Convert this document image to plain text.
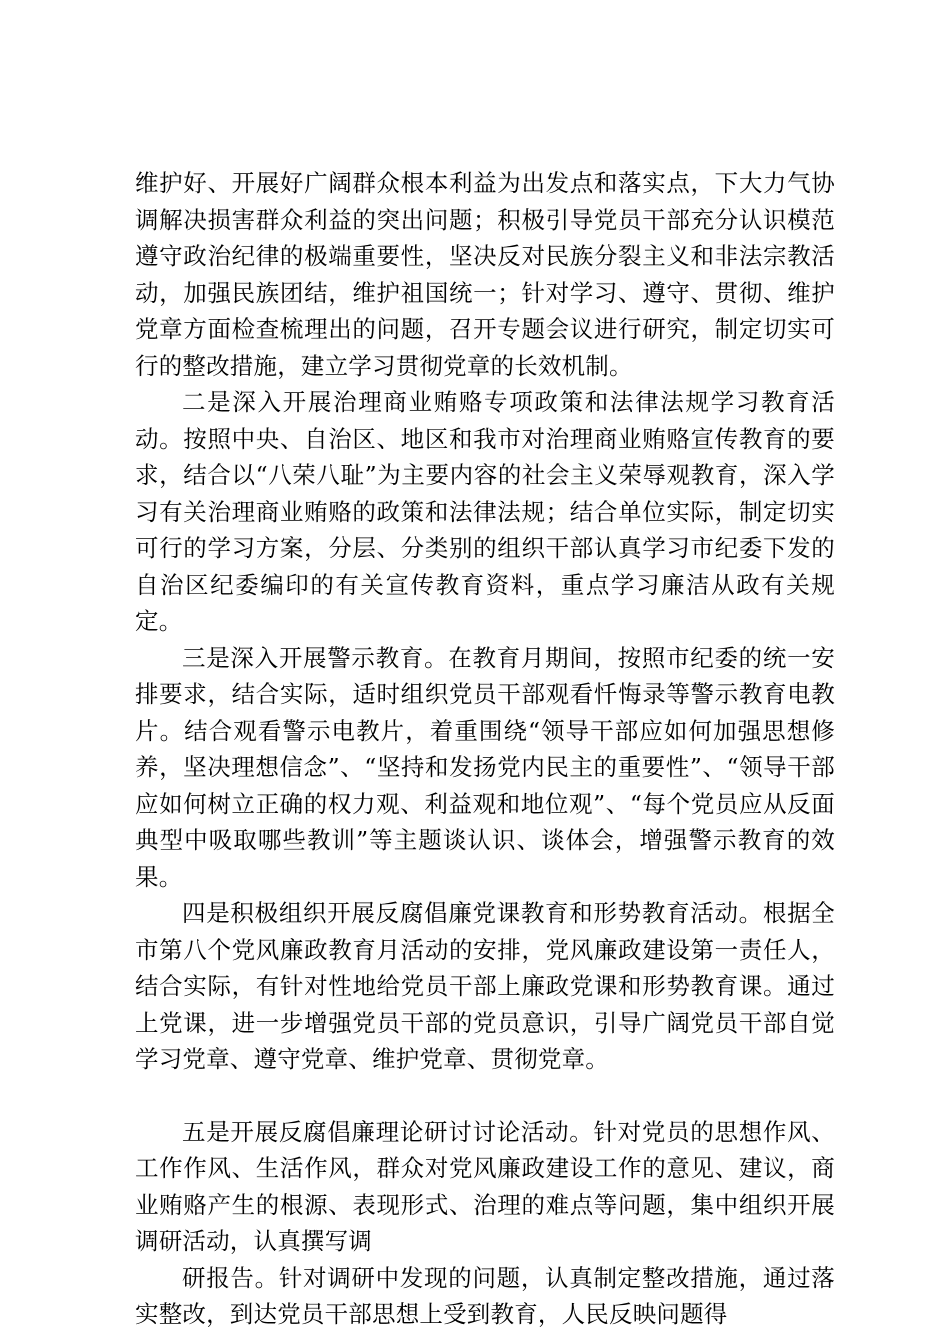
维护好、开展好广阔群众根本利益为出发点和落实点，下大力气协调解决损害群众利益的突出问题；积极引导党员干部充分认识模范遵守政治纪律的极端重要性，坚决反对民族分裂主义和非法宗教活动，加强民族团结，维护祖国统一；针对学习、遵守、贯彻、维护党章方面检查梳理出的问题，召开专题会议进行研究，制定切实可行的整改措施，建立学习贯彻党章的长效机制。

二是深入开展治理商业贿赂专项政策和法律法规学习教育活动。按照中央、自治区、地区和我市对治理商业贿赂宣传教育的要求，结合以“八荣八耻”为主要内容的社会主义荣辱观教育，深入学习有关治理商业贿赂的政策和法律法规；结合单位实际，制定切实可行的学习方案，分层、分类别的组织干部认真学习市纪委下发的自治区纪委编印的有关宣传教育资料，重点学习廉洁从政有关规定。

三是深入开展警示教育。在教育月期间，按照市纪委的统一安排要求，结合实际，适时组织党员干部观看忏悔录等警示教育电教片。结合观看警示电教片，着重围绕“领导干部应如何加强思想修养，坚决理想信念”、“坚持和发扬党内民主的重要性”、“领导干部应如何树立正确的权力观、利益观和地位观”、“每个党员应从反面典型中吸取哪些教训”等主题谈认识、谈体会，增强警示教育的效果。

四是积极组织开展反腐倡廉党课教育和形势教育活动。根据全市第八个党风廉政教育月活动的安排，党风廉政建设第一责任人，结合实际，有针对性地给党员干部上廉政党课和形势教育课。通过上党课，进一步增强党员干部的党员意识，引导广阔党员干部自觉学习党章、遵守党章、维护党章、贯彻党章。

五是开展反腐倡廉理论研讨讨论活动。针对党员的思想作风、工作作风、生活作风，群众对党风廉政建设工作的意见、建议，商业贿赂产生的根源、表现形式、治理的难点等问题，集中组织开展调研活动，认真撰写调

研报告。针对调研中发现的问题，认真制定整改措施，通过落实整改，到达党员干部思想上受到教育，人民反映问题得
